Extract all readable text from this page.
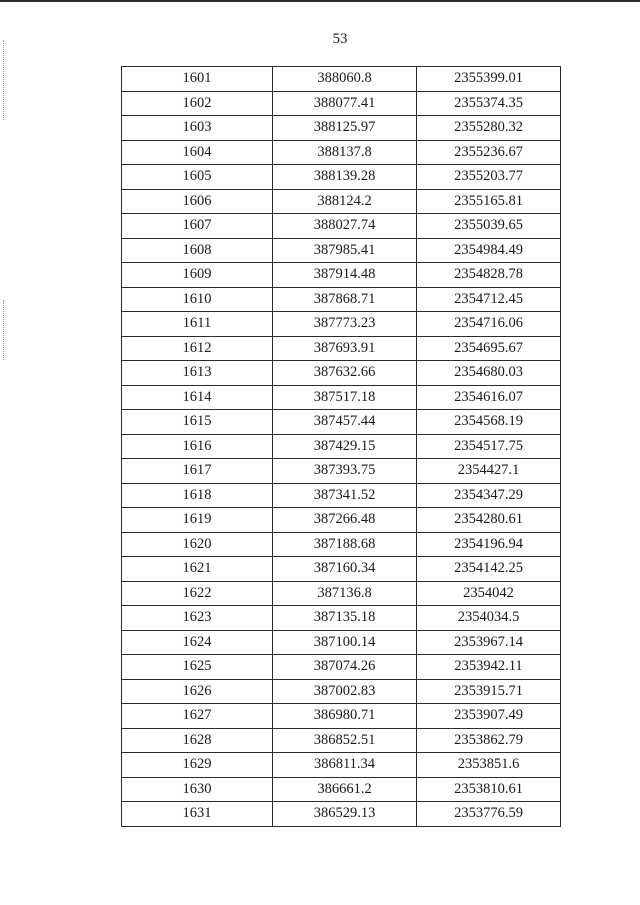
53
1601	388060.8	2355399.01
1602	388077.41	2355374.35
1603	388125.97	2355280.32
1604	388137.8	2355236.67
1605	388139.28	2355203.77
1606	388124.2	2355165.81
1607	388027.74	2355039.65
1608	387985.41	2354984.49
1609	387914.48	2354828.78
1610	387868.71	2354712.45
1611	387773.23	2354716.06
1612	387693.91	2354695.67
1613	387632.66	2354680.03
1614	387517.18	2354616.07
1615	387457.44	2354568.19
1616	387429.15	2354517.75
1617	387393.75	2354427.1
1618	387341.52	2354347.29
1619	387266.48	2354280.61
1620	387188.68	2354196.94
1621	387160.34	2354142.25
1622	387136.8	2354042
1623	387135.18	2354034.5
1624	387100.14	2353967.14
1625	387074.26	2353942.11
1626	387002.83	2353915.71
1627	386980.71	2353907.49
1628	386852.51	2353862.79
1629	386811.34	2353851.6
1630	386661.2	2353810.61
1631	386529.13	2353776.59
